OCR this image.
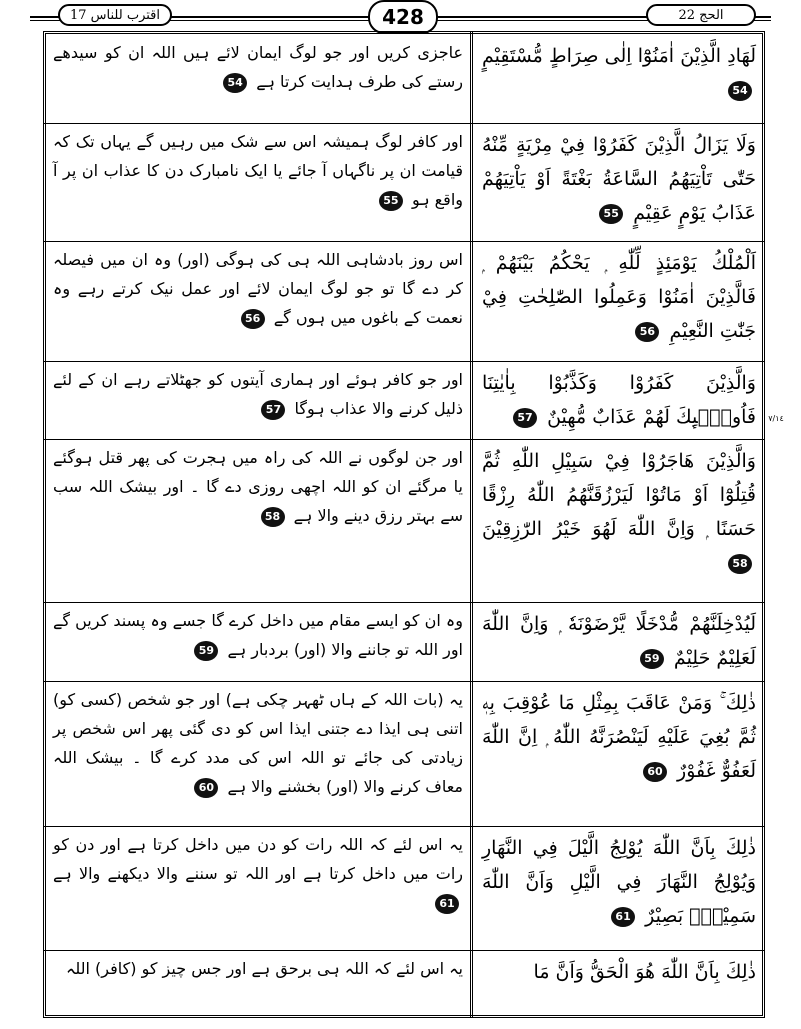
اقترب للناس 17	428	الحج 22
لَهَادِ الَّذِيْنَ اٰمَنُوْٓا اِلٰى صِرَاطٍ مُّسْتَقِيْمٍ 54
عاجزی کریں اور جو لوگ ایمان لائے ہیں اللہ ان کو سیدھے رستے کی طرف ہدایت کرتا ہے 54
وَلَا يَزَالُ الَّذِيْنَ كَفَرُوْا فِيْ مِرْيَةٍ مِّنْهُ حَتّٰى تَاْتِيَهُمُ السَّاعَةُ بَغْتَةً اَوْ يَاْتِيَهُمْ عَذَابُ يَوْمٍ عَقِيْمٍ 55
اور کافر لوگ ہمیشہ اس سے شک میں رہیں گے یہاں تک کہ قیامت ان پر ناگہاں آ جائے یا ایک نامبارک دن کا عذاب ان پر آ واقع ہو 55
اَلْمُلْكُ يَوْمَئِذٍ لِّلّٰهِ ۭ يَحْكُمُ بَيْنَهُمْ ۭ فَالَّذِيْنَ اٰمَنُوْا وَعَمِلُوا الصّٰلِحٰتِ فِيْ جَنّٰتِ النَّعِيْمِ 56
اس روز بادشاہی اللہ ہی کی ہوگی (اور) وہ ان میں فیصلہ کر دے گا تو جو لوگ ایمان لائے اور عمل نیک کرتے رہے وہ نعمت کے باغوں میں ہوں گے 56
وَالَّذِيْنَ كَفَرُوْا وَكَذَّبُوْا بِاٰيٰتِنَا فَاُولٰۗىِٕكَ لَهُمْ عَذَابٌ مُّهِيْنٌ 57
اور جو کافر ہوئے اور ہماری آیتوں کو جھٹلاتے رہے ان کے لئے ذلیل کرنے والا عذاب ہوگا 57
وَالَّذِيْنَ هَاجَرُوْا فِيْ سَبِيْلِ اللّٰهِ ثُمَّ قُتِلُوْٓا اَوْ مَاتُوْا لَيَرْزُقَنَّهُمُ اللّٰهُ رِزْقًا حَسَنًا ۭ وَاِنَّ اللّٰهَ لَهُوَ خَيْرُ الرّٰزِقِيْنَ 58
اور جن لوگوں نے اللہ کی راہ میں ہجرت کی پھر قتل ہوگئے یا مرگئے ان کو اللہ اچھی روزی دے گا ۔ اور بیشک اللہ سب سے بہتر رزق دینے والا ہے 58
لَيُدْخِلَنَّهُمْ مُّدْخَلًا يَّرْضَوْنَهٗ ۭ وَاِنَّ اللّٰهَ لَعَلِيْمٌ حَلِيْمٌ 59
وہ ان کو ایسے مقام میں داخل کرے گا جسے وہ پسند کریں گے اور اللہ تو جاننے والا (اور) بردبار ہے 59
ذٰلِكَ ۚ وَمَنْ عَاقَبَ بِمِثْلِ مَا عُوْقِبَ بِهٖ ثُمَّ بُغِيَ عَلَيْهِ لَيَنْصُرَنَّهُ اللّٰهُ ۭ اِنَّ اللّٰهَ لَعَفُوٌّ غَفُوْرٌ 60
یہ (بات اللہ کے ہاں ٹھہر چکی ہے) اور جو شخص (کسی کو) اتنی ہی ایذا دے جتنی ایذا اس کو دی گئی پھر اس شخص پر زیادتی کی جائے تو اللہ اس کی مدد کرے گا ۔ بیشک اللہ معاف کرنے والا (اور) بخشنے والا ہے 60
ذٰلِكَ بِاَنَّ اللّٰهَ يُوْلِجُ الَّيْلَ فِي النَّهَارِ وَيُوْلِجُ النَّهَارَ فِي الَّيْلِ وَاَنَّ اللّٰهَ سَمِيْعٌۢ بَصِيْرٌ 61
یہ اس لئے کہ اللہ رات کو دن میں داخل کرتا ہے اور دن کو رات میں داخل کرتا ہے اور اللہ تو سننے والا دیکھنے والا ہے 61
ذٰلِكَ بِاَنَّ اللّٰهَ هُوَ الْحَقُّ وَاَنَّ مَا
یہ اس لئے کہ اللہ ہی برحق ہے اور جس چیز کو (کافر) اللہ
٧/١٤
